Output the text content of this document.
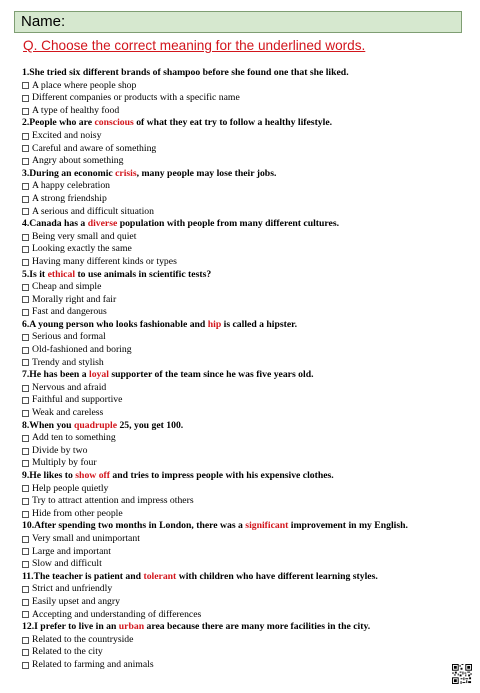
Name:
Q. Choose the correct meaning for the underlined words.
1.She tried six different brands of shampoo before she found one that she liked.
A place where people shop
Different companies or products with a specific name
A type of healthy food
2.People who are conscious of what they eat try to follow a healthy lifestyle.
Excited and noisy
Careful and aware of something
Angry about something
3.During an economic crisis, many people may lose their jobs.
A happy celebration
A strong friendship
A serious and difficult situation
4.Canada has a diverse population with people from many different cultures.
Being very small and quiet
Looking exactly the same
Having many different kinds or types
5.Is it ethical to use animals in scientific tests?
Cheap and simple
Morally right and fair
Fast and dangerous
6.A young person who looks fashionable and hip is called a hipster.
Serious and formal
Old-fashioned and boring
Trendy and stylish
7.He has been a loyal supporter of the team since he was five years old.
Nervous and afraid
Faithful and supportive
Weak and careless
8.When you quadruple 25, you get 100.
Add ten to something
Divide by two
Multiply by four
9.He likes to show off and tries to impress people with his expensive clothes.
Help people quietly
Try to attract attention and impress others
Hide from other people
10.After spending two months in London, there was a significant improvement in my English.
Very small and unimportant
Large and important
Slow and difficult
11.The teacher is patient and tolerant with children who have different learning styles.
Strict and unfriendly
Easily upset and angry
Accepting and understanding of differences
12.I prefer to live in an urban area because there are many more facilities in the city.
Related to the countryside
Related to the city
Related to farming and animals
